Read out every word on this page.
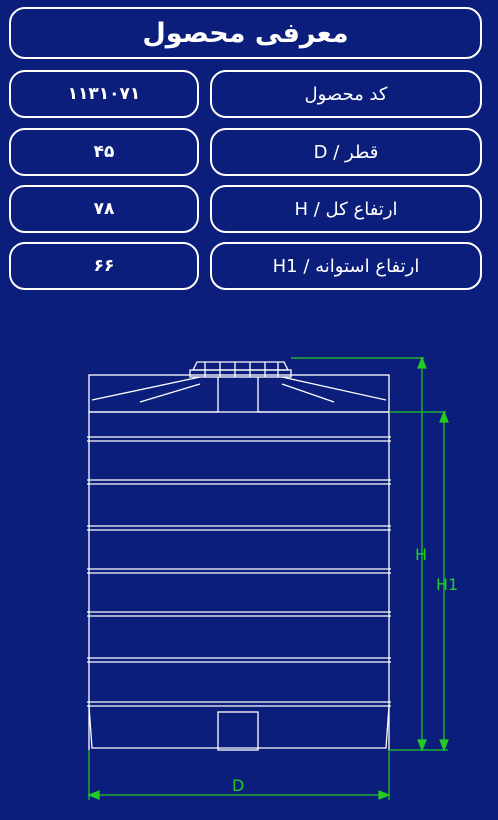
معرفی محصول
کد محصول
۱۱۳۱۰۷۱
قطر / D
۴۵
ارتفاع کل / H
۷۸
ارتفاع استوانه / H1
۶۶
H
H1
D
